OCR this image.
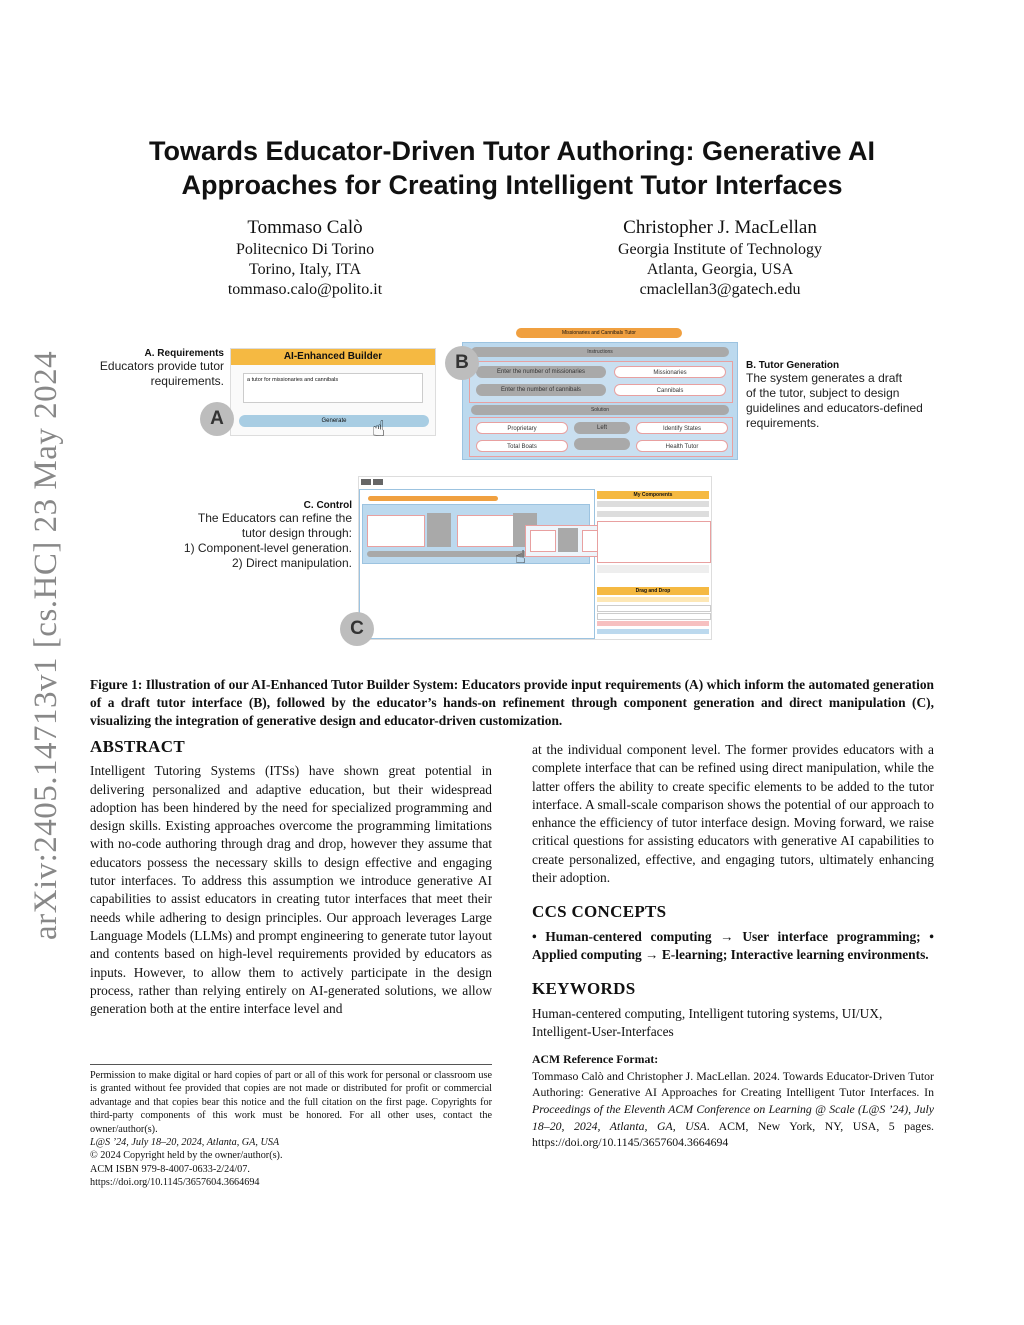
arXiv:2405.14713v1 [cs.HC] 23 May 2024
Towards Educator-Driven Tutor Authoring: Generative AI
Approaches for Creating Intelligent Tutor Interfaces
Tommaso Calò
Politecnico Di Torino
Torino, Italy, ITA
tommaso.calo@polito.it
Christopher J. MacLellan
Georgia Institute of Technology
Atlanta, Georgia, USA
cmaclellan3@gatech.edu
A. Requirements
Educators provide tutor
requirements.
AI-Enhanced Builder
a tutor for missionaries and cannibals
Generate
A	☝
Missionaries and Cannibals Tutor
Instructions
Enter the number of missionaries	Missionaries
Enter the number of cannibals	Cannibals
Solution
Proprietary	Left	Identify States
Total Boats	Health Tutor
B	B. Tutor Generation
The system generates a draft
of the tutor, subject to design
guidelines and educators-defined
requirements.
C. Control
The Educators can refine the
tutor design through:
1) Component-level generation.
2) Direct manipulation.	☝
My Components
Drag and Drop
C
Figure 1: Illustration of our AI-Enhanced Tutor Builder System: Educators provide input requirements (A) which inform the automated generation of a draft tutor interface (B), followed by the educator’s hands-on refinement through component generation and direct manipulation (C), visualizing the integration of generative design and educator-driven customization.
ABSTRACT
Intelligent Tutoring Systems (ITSs) have shown great potential in delivering personalized and adaptive education, but their widespread adoption has been hindered by the need for specialized programming and design skills. Existing approaches overcome the programming limitations with no-code authoring through drag and drop, however they assume that educators possess the necessary skills to design effective and engaging tutor interfaces. To address this assumption we introduce generative AI capabilities to assist educators in creating tutor interfaces that meet their needs while adhering to design principles. Our approach leverages Large Language Models (LLMs) and prompt engineering to generate tutor layout and contents based on high-level requirements provided by educators as inputs. However, to allow them to actively participate in the design process, rather than relying entirely on AI-generated solutions, we allow generation both at the entire interface level and
Permission to make digital or hard copies of part or all of this work for personal or classroom use is granted without fee provided that copies are not made or distributed for profit or commercial advantage and that copies bear this notice and the full citation on the first page. Copyrights for third-party components of this work must be honored. For all other uses, contact the owner/author(s).
L@S ’24, July 18–20, 2024, Atlanta, GA, USA
© 2024 Copyright held by the owner/author(s).
ACM ISBN 979-8-4007-0633-2/24/07.
https://doi.org/10.1145/3657604.3664694
at the individual component level. The former provides educators with a complete interface that can be refined using direct manipulation, while the latter offers the ability to create specific elements to be added to the tutor interface. A small-scale comparison shows the potential of our approach to enhance the efficiency of tutor interface design. Moving forward, we raise critical questions for assisting educators with generative AI capabilities to create personalized, effective, and engaging tutors, ultimately enhancing their adoption.
CCS CONCEPTS
• Human-centered computing → User interface programming; • Applied computing → E-learning; Interactive learning environments.
KEYWORDS
Human-centered computing, Intelligent tutoring systems, UI/UX, Intelligent-User-Interfaces
ACM Reference Format:
Tommaso Calò and Christopher J. MacLellan. 2024. Towards Educator-Driven Tutor Authoring: Generative AI Approaches for Creating Intelligent Tutor Interfaces. In Proceedings of the Eleventh ACM Conference on Learning @ Scale (L@S ’24), July 18–20, 2024, Atlanta, GA, USA. ACM, New York, NY, USA, 5 pages. https://doi.org/10.1145/3657604.3664694
